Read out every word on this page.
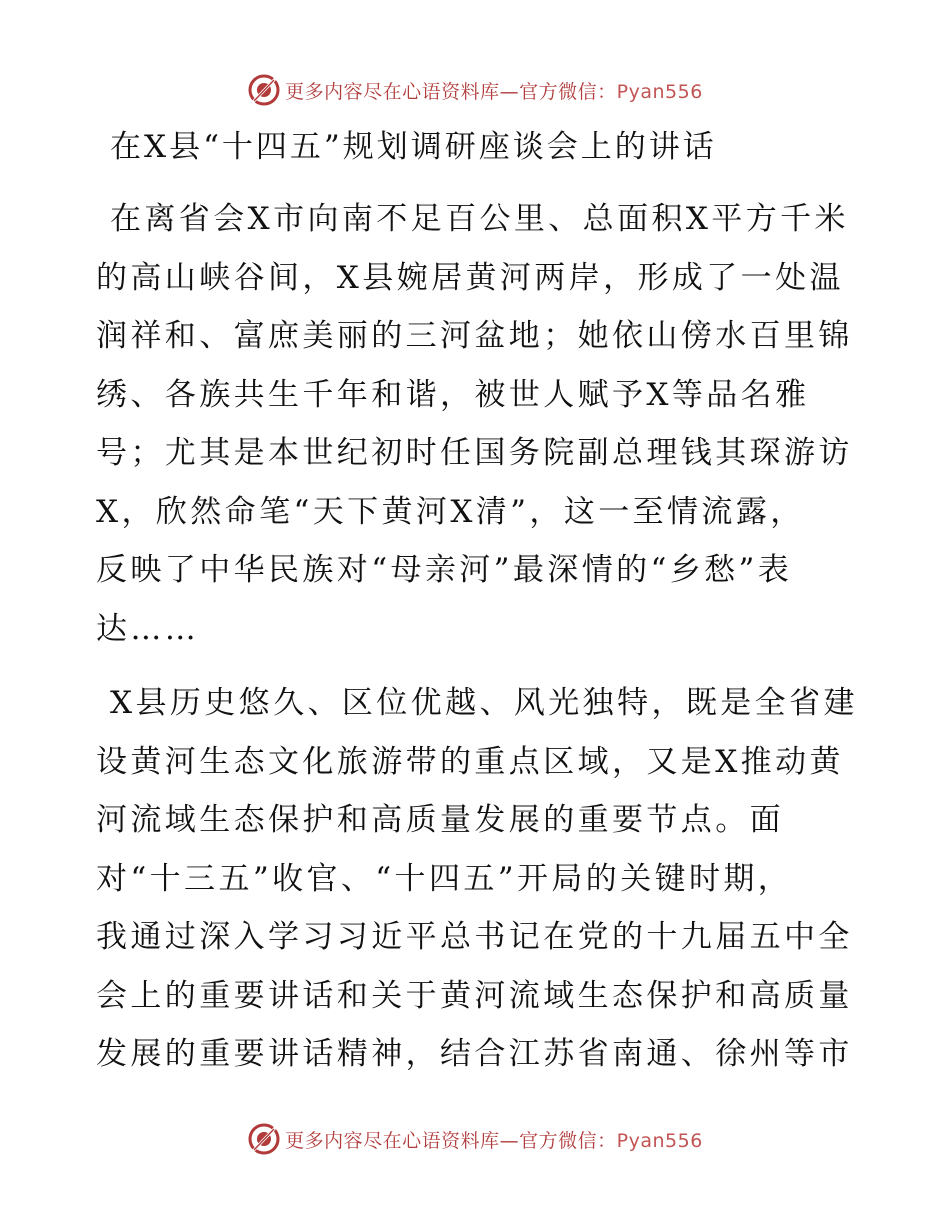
更多内容尽在心语资料库—官方微信：Pyan556
在X县“十四五”规划调研座谈会上的讲话

在离省会X市向南不足百公里、总面积X平方千米
的高山峡谷间，X县婉居黄河两岸，形成了一处温
润祥和、富庶美丽的三河盆地；她依山傍水百里锦
绣、各族共生千年和谐，被世人赋予X等品名雅
号；尤其是本世纪初时任国务院副总理钱其琛游访
X，欣然命笔“天下黄河X清”，这一至情流露，
反映了中华民族对“母亲河”最深情的“乡愁”表
达……

X县历史悠久、区位优越、风光独特，既是全省建
设黄河生态文化旅游带的重点区域，又是X推动黄
河流域生态保护和高质量发展的重要节点。面
对“十三五”收官、“十四五”开局的关键时期，
我通过深入学习习近平总书记在党的十九届五中全
会上的重要讲话和关于黄河流域生态保护和高质量
发展的重要讲话精神，结合江苏省南通、徐州等市

更多内容尽在心语资料库—官方微信：Pyan556
